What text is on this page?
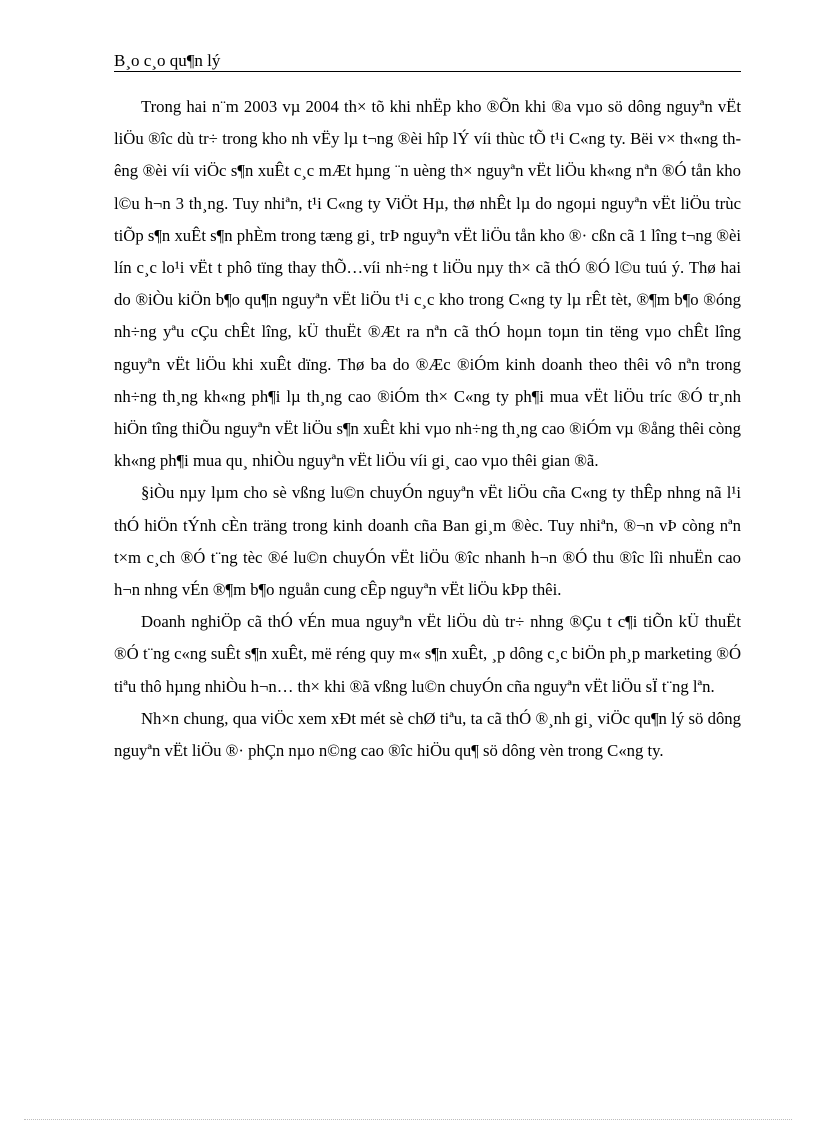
B¸o c¸o qu¶n lý

Trong hai n¨m 2003 vµ 2004 th× tõ khi nhËp kho ®Õn khi ®a vµo sö dông nguyªn vËt liÖu ®îc dù tr÷ trong kho nh vËy lµ t¬ng ®èi hîp lÝ víi thùc tÕ t¹i C«ng ty. Bëi v× th«ng thêng ®èi víi viÖc s¶n xuÊt c¸c mÆt hµng ¨n uèng th× nguyªn vËt liÖu kh«ng nªn ®Ó tån kho l©u h¬n 3 th¸ng. Tuy nhiªn, t¹i C«ng ty ViÖt Hµ, thø nhÊt lµ do ngoµi nguyªn vËt liÖu trùc tiÕp s¶n xuÊt s¶n phÈm trong tæng gi¸ trÞ nguyªn vËt liÖu tån kho ®· cßn cã 1 lîng t¬ng ®èi lín c¸c lo¹i vËt t phô tïng thay thÕ…víi nh÷ng t liÖu nµy th× cã thÓ ®Ó l©u tuú ý. Thø hai do ®iÒu kiÖn b¶o qu¶n nguyªn vËt liÖu t¹i c¸c kho trong C«ng ty lµ rÊt tèt, ®¶m b¶o ®óng nh÷ng yªu cÇu chÊt lîng, kÜ thuËt ®Æt ra nªn cã thÓ hoµn toµn tin tëng vµo chÊt lîng nguyªn vËt liÖu khi xuÊt dïng. Thø ba do ®Æc ®iÓm kinh doanh theo thêi vô nªn trong nh÷ng th¸ng kh«ng ph¶i lµ th¸ng cao ®iÓm th× C«ng ty ph¶i mua vËt liÖu tríc ®Ó tr¸nh hiÖn tîng thiÕu nguyªn vËt liÖu s¶n xuÊt khi vµo nh÷ng th¸ng cao ®iÓm vµ ®ång thêi còng kh«ng ph¶i mua qu¸ nhiÒu nguyªn vËt liÖu víi gi¸ cao vµo thêi gian ®ã.

§iÒu nµy lµm cho sè vßng lu©n chuyÓn nguyªn vËt liÖu cña C«ng ty thÊp nhng nã l¹i thÓ hiÖn tÝnh cÈn träng trong kinh doanh cña Ban gi¸m ®èc. Tuy nhiªn, ®¬n vÞ còng nªn t×m c¸ch ®Ó t¨ng tèc ®é lu©n chuyÓn vËt liÖu ®îc nhanh h¬n ®Ó thu ®îc lîi nhuËn cao h¬n nhng vÉn ®¶m b¶o nguån cung cÊp nguyªn vËt liÖu kÞp thêi.

Doanh nghiÖp cã thÓ vÉn mua nguyªn vËt liÖu dù tr÷ nhng ®Çu t c¶i tiÕn kÜ thuËt ®Ó t¨ng c«ng suÊt s¶n xuÊt, më réng quy m« s¶n xuÊt, ¸p dông c¸c biÖn ph¸p marketing ®Ó tiªu thô hµng nhiÒu h¬n… th× khi ®ã vßng lu©n chuyÓn cña nguyªn vËt liÖu sÏ t¨ng lªn.

Nh×n chung, qua viÖc xem xÐt mét sè chØ tiªu, ta cã thÓ ®¸nh gi¸ viÖc qu¶n lý sö dông nguyªn vËt liÖu ®· phÇn nµo n©ng cao ®îc hiÖu qu¶ sö dông vèn trong C«ng ty.
